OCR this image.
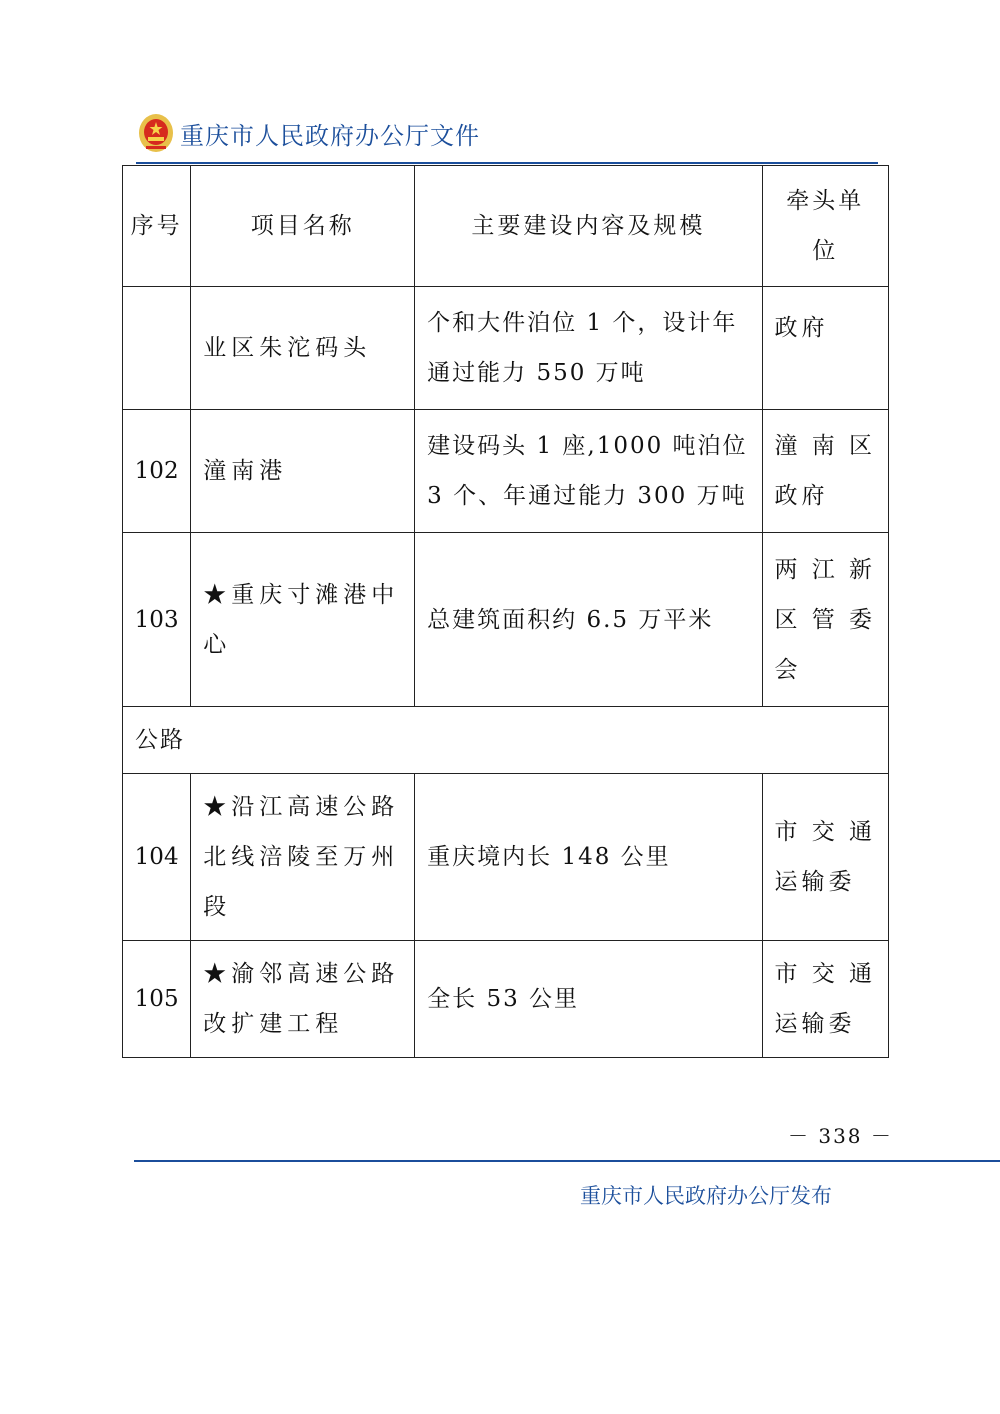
重庆市人民政府办公厅文件
序号	项目名称	主要建设内容及规模	牵头单位
	业区朱沱码头	个和大件泊位 1 个，设计年通过能力 550 万吨	政府
102	潼南港	建设码头 1 座,1000 吨泊位 3 个、年通过能力 300 万吨	潼南区政府
103	★重庆寸滩港中心	总建筑面积约 6.5 万平米	两江新区管委会
公路			
104	★沿江高速公路北线涪陵至万州段	重庆境内长 148 公里	市交通运输委
105	★渝邻高速公路改扩建工程	全长 53 公里	市交通运输委
－ 338 －
重庆市人民政府办公厅发布
